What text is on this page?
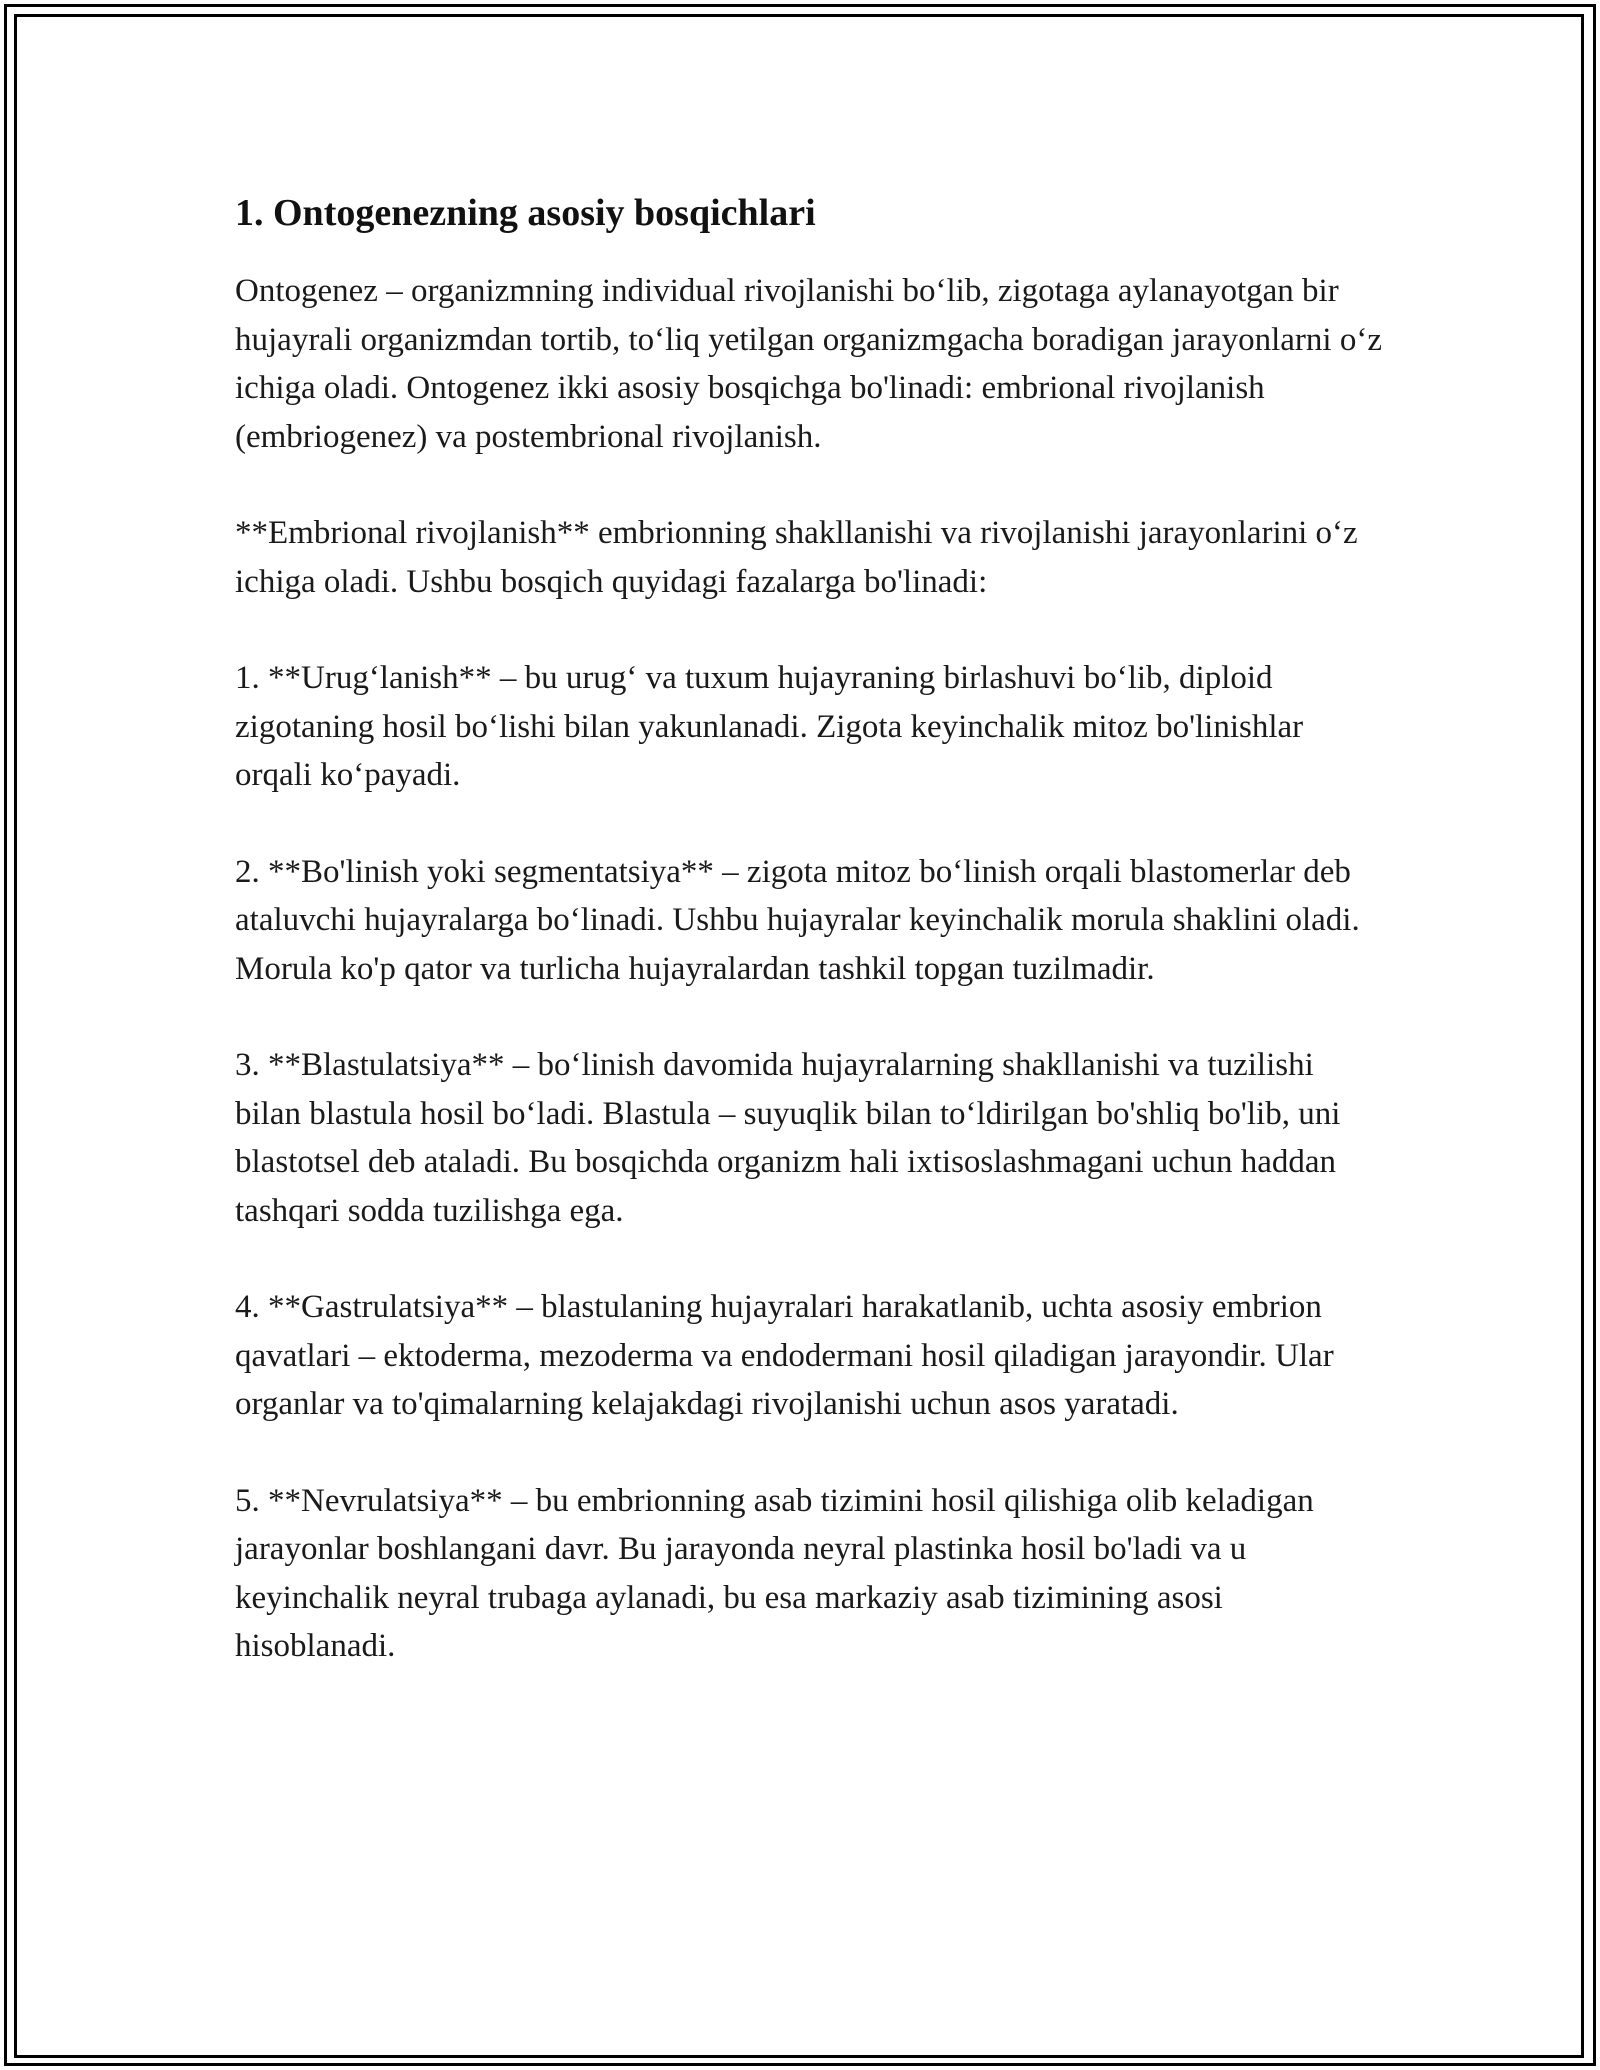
1. Ontogenezning asosiy bosqichlari

Ontogenez – organizmning individual rivojlanishi bo‘lib, zigotaga aylanayotgan bir hujayrali organizmdan tortib, to‘liq yetilgan organizmgacha boradigan jarayonlarni o‘z ichiga oladi. Ontogenez ikki asosiy bosqichga bo'linadi: embrional rivojlanish (embriogenez) va postembrional rivojlanish.

**Embrional rivojlanish** embrionning shakllanishi va rivojlanishi jarayonlarini o‘z ichiga oladi. Ushbu bosqich quyidagi fazalarga bo'linadi:

1. **Urug‘lanish** – bu urug‘ va tuxum hujayraning birlashuvi bo‘lib, diploid zigotaning hosil bo‘lishi bilan yakunlanadi. Zigota keyinchalik mitoz bo'linishlar orqali ko‘payadi.

2. **Bo'linish yoki segmentatsiya** – zigota mitoz bo‘linish orqali blastomerlar deb ataluvchi hujayralarga bo‘linadi. Ushbu hujayralar keyinchalik morula shaklini oladi. Morula ko'p qator va turlicha hujayralardan tashkil topgan tuzilmadir.

3. **Blastulatsiya** – bo‘linish davomida hujayralarning shakllanishi va tuzilishi bilan blastula hosil bo‘ladi. Blastula – suyuqlik bilan to‘ldirilgan bo'shliq bo'lib, uni blastotsel deb ataladi. Bu bosqichda organizm hali ixtisoslashmagani uchun haddan tashqari sodda tuzilishga ega.

4. **Gastrulatsiya** – blastulaning hujayralari harakatlanib, uchta asosiy embrion qavatlari – ektoderma, mezoderma va endodermani hosil qiladigan jarayondir. Ular organlar va to'qimalarning kelajakdagi rivojlanishi uchun asos yaratadi.

5. **Nevrulatsiya** – bu embrionning asab tizimini hosil qilishiga olib keladigan jarayonlar boshlangani davr. Bu jarayonda neyral plastinka hosil bo'ladi va u keyinchalik neyral trubaga aylanadi, bu esa markaziy asab tizimining asosi hisoblanadi.
